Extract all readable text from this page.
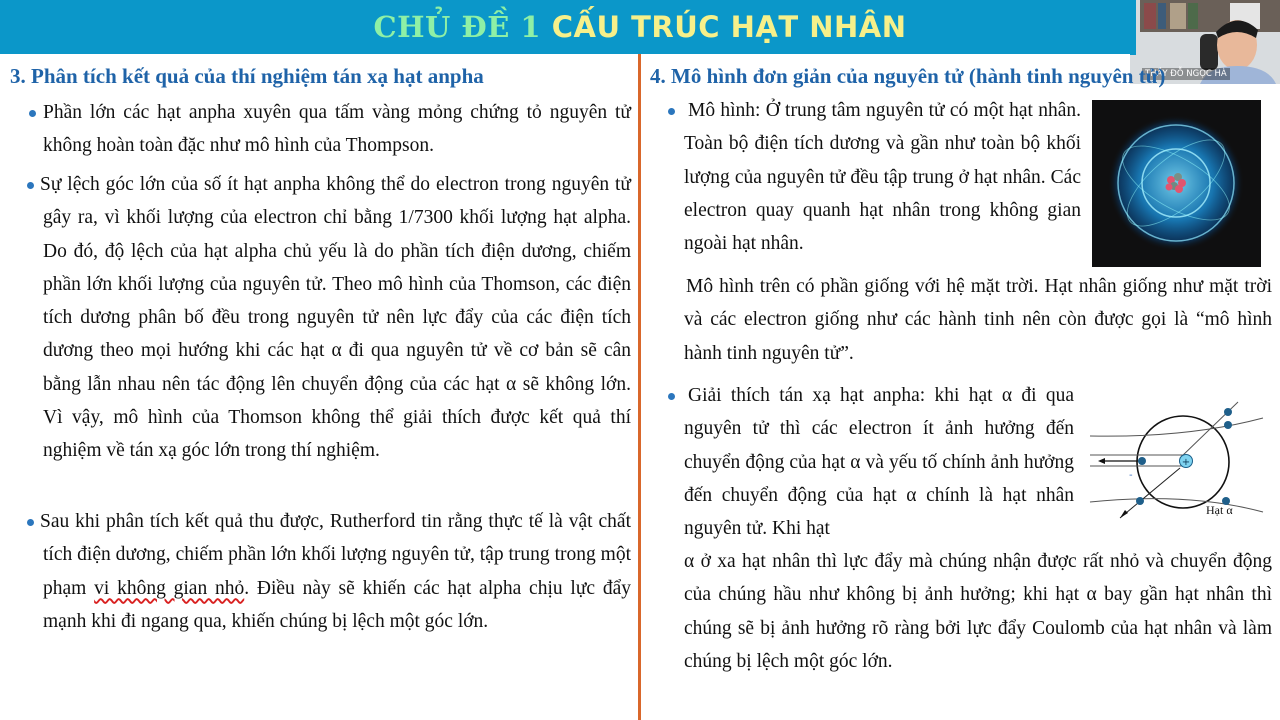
CHỦ ĐỀ 1 CẤU TRÚC HẠT NHÂN
THẦY ĐỖ NGỌC HÀ
3. Phân tích kết quả của thí nghiệm tán xạ hạt anpha
Phần lớn các hạt anpha xuyên qua tấm vàng mỏng chứng tỏ nguyên tử không hoàn toàn đặc như mô hình của Thompson.
Sự lệch góc lớn của số ít hạt anpha không thể do electron trong nguyên tử gây ra, vì khối lượng của electron chỉ bằng 1/7300 khối lượng hạt alpha. Do đó, độ lệch của hạt alpha chủ yếu là do phần tích điện dương, chiếm phần lớn khối lượng của nguyên tử. Theo mô hình của Thomson, các điện tích dương phân bố đều trong nguyên tử nên lực đẩy của các điện tích dương theo mọi hướng khi các hạt α đi qua nguyên tử về cơ bản sẽ cân bằng lẫn nhau nên tác động lên chuyển động của các hạt α sẽ không lớn. Vì vậy, mô hình của Thomson không thể giải thích được kết quả thí nghiệm về tán xạ góc lớn trong thí nghiệm.
Sau khi phân tích kết quả thu được, Rutherford tin rằng thực tế là vật chất tích điện dương, chiếm phần lớn khối lượng nguyên tử, tập trung trong một phạm vi không gian nhỏ. Điều này sẽ khiến các hạt alpha chịu lực đẩy mạnh khi đi ngang qua, khiến chúng bị lệch một góc lớn.
4. Mô hình đơn giản của nguyên tử (hành tinh nguyên tử)
Mô hình: Ở trung tâm nguyên tử có một hạt nhân. Toàn bộ điện tích dương và gần như toàn bộ khối lượng của nguyên tử đều tập trung ở hạt nhân. Các electron quay quanh hạt nhân trong không gian ngoài hạt nhân.
Mô hình trên có phần giống với hệ mặt trời. Hạt nhân giống như mặt trời và các electron giống như các hành tinh nên còn được gọi là “mô hình hành tinh nguyên tử”.
Giải thích tán xạ hạt anpha: khi hạt α đi qua nguyên tử thì các electron ít ảnh hưởng đến chuyển động của hạt α và yếu tố chính ảnh hưởng đến chuyển động của hạt α chính là hạt nhân nguyên tử. Khi hạt
+
-
Hạt α
α ở xa hạt nhân thì lực đẩy mà chúng nhận được rất nhỏ và chuyển động của chúng hầu như không bị ảnh hưởng; khi hạt α bay gần hạt nhân thì chúng sẽ bị ảnh hưởng rõ ràng bởi lực đẩy Coulomb của hạt nhân và làm chúng bị lệch một góc lớn.
